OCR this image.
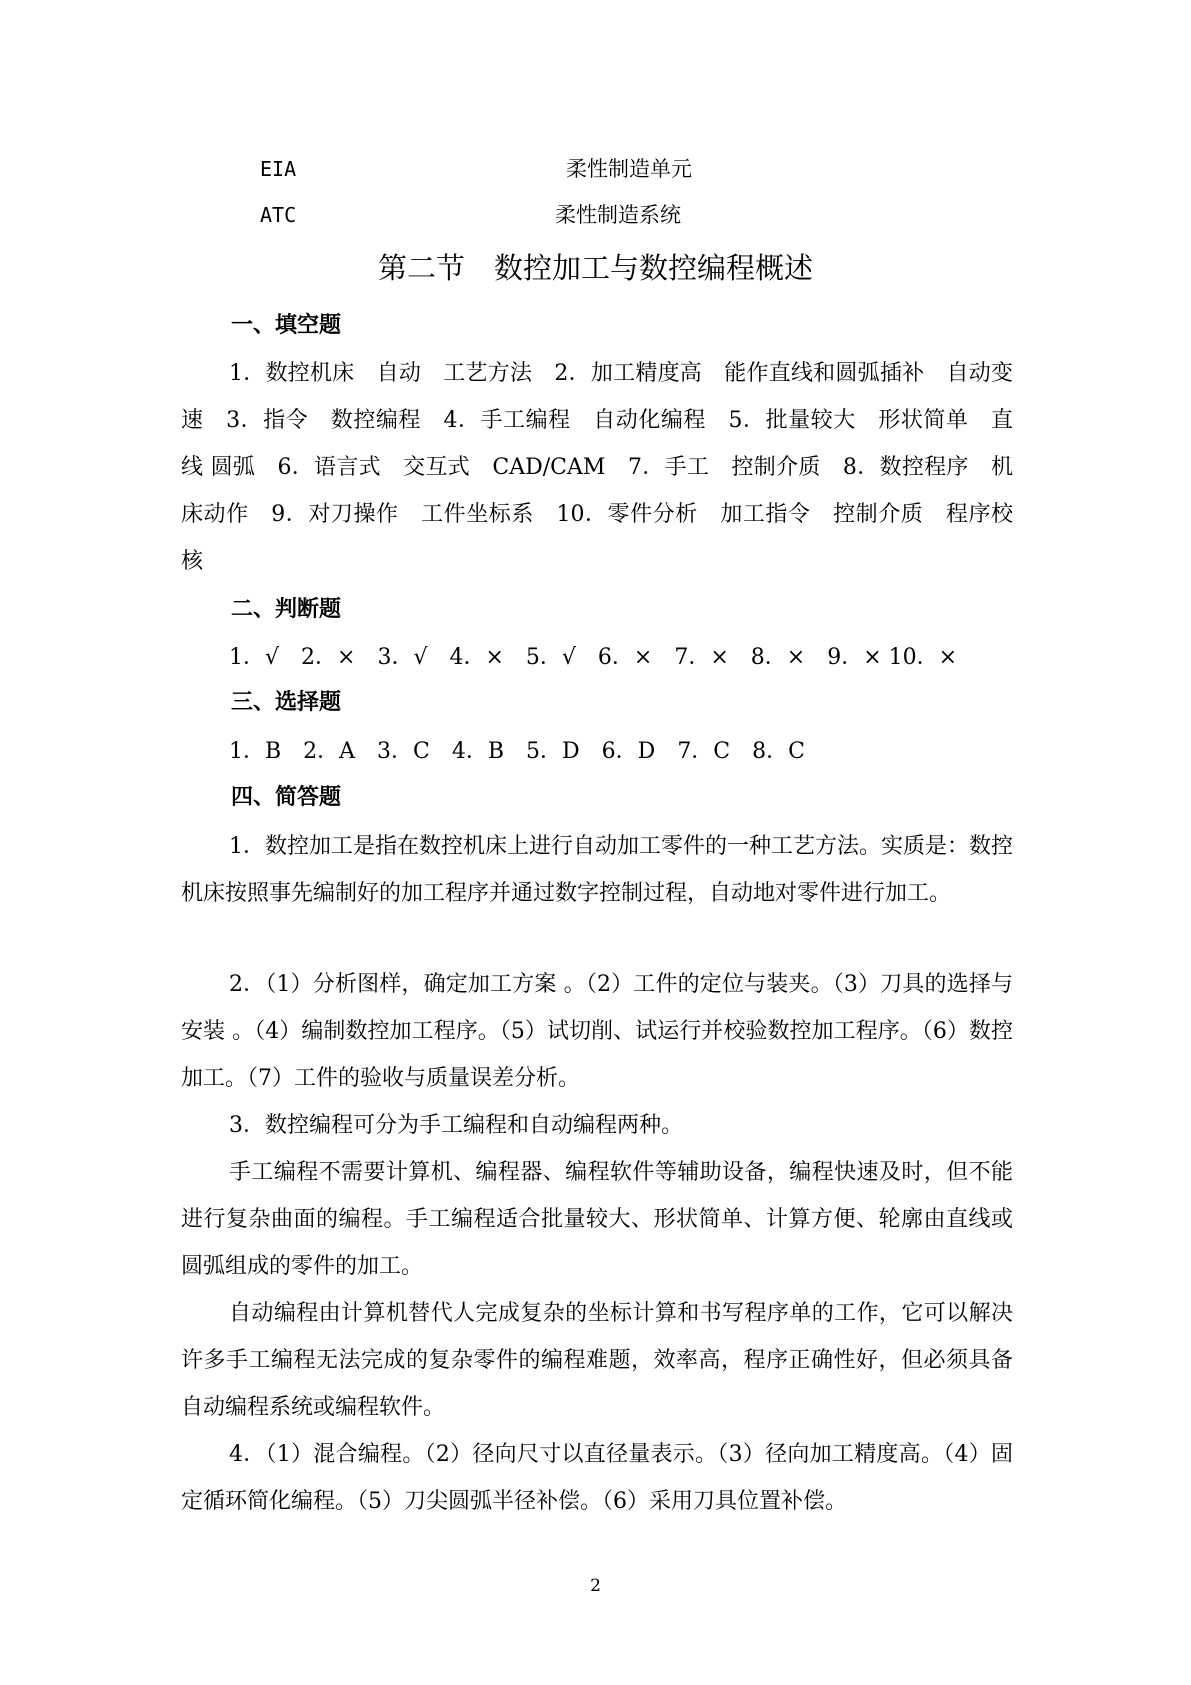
EIA	柔性制造单元
ATC	柔性制造系统
第二节　数控加工与数控编程概述
一、填空题
1．数控机床　自动　工艺方法　2．加工精度高　能作直线和圆弧插补　自动变速　3．指令　数控编程　4．手工编程　自动化编程　5．批量较大　形状简单　直线 圆弧　6．语言式　交互式　CAD/CAM　7．手工　控制介质　8．数控程序　机床动作　9．对刀操作　工件坐标系　10．零件分析　加工指令　控制介质　程序校核
二、判断题
1．√　2．×　3．√　4．×　5．√　6．×　7．×　8．×　9．× 10．×
三、选择题
1．B　2．A　3．C　4．B　5．D　6．D　7．C　8．C
四、简答题
1．数控加工是指在数控机床上进行自动加工零件的一种工艺方法。实质是：数控机床按照事先编制好的加工程序并通过数字控制过程，自动地对零件进行加工。
2．（1）分析图样，确定加工方案 。（2）工件的定位与装夹。（3）刀具的选择与安装 。（4）编制数控加工程序。（5）试切削、试运行并校验数控加工程序。（6）数控加工。（7）工件的验收与质量误差分析。
3．数控编程可分为手工编程和自动编程两种。
手工编程不需要计算机、编程器、编程软件等辅助设备，编程快速及时，但不能进行复杂曲面的编程。手工编程适合批量较大、形状简单、计算方便、轮廓由直线或圆弧组成的零件的加工。
自动编程由计算机替代人完成复杂的坐标计算和书写程序单的工作，它可以解决许多手工编程无法完成的复杂零件的编程难题，效率高，程序正确性好，但必须具备自动编程系统或编程软件。
4．（1）混合编程。（2）径向尺寸以直径量表示。（3）径向加工精度高。（4）固定循环简化编程。（5）刀尖圆弧半径补偿。（6）采用刀具位置补偿。
2
